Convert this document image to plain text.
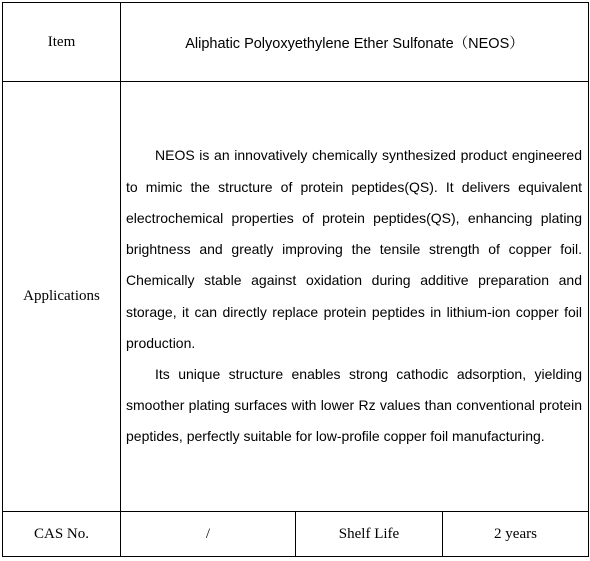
Item	Aliphatic Polyoxyethylene Ether Sulfonate（NEOS）		
Applications	NEOS is an innovatively chemically synthesized product engineered to mimic the structure of protein peptides(QS). It delivers equivalent electrochemical properties of protein peptides(QS), enhancing plating brightness and greatly improving the tensile strength of copper foil. Chemically stable against oxidation during additive preparation and storage, it can directly replace protein peptides in lithium-ion copper foil production.

Its unique structure enables strong cathodic adsorption, yielding smoother plating surfaces with lower Rz values than conventional protein peptides, perfectly suitable for low-profile copper foil manufacturing.		

CAS No.	/	Shelf Life	2 years
